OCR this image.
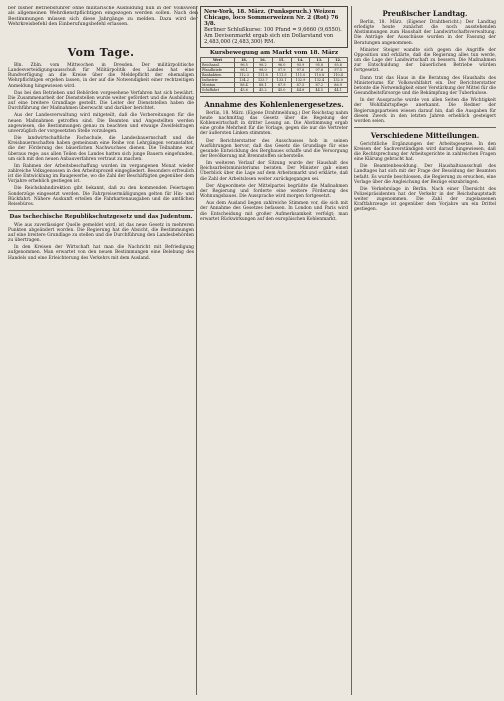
ber bisher Betriebsführer ohne militärische Ausbildung nun in der Volkswehr als allgemeinen Wehrdienstpflichtigen eingezogen werden sollen. Nach den Bestimmungen müssen sich diese Jahrgänge zu melden. Dazu wird der Wehrkreisbefehl den Einberufungsbefehl erlassen.
Vom Tage.

Bln. Zbln. vom Mittwochen in Dresden. Der militärpolitische Landesverteidigungsausschuß für Militärpolitik des Landes hat eine Rundverfügung an die Kreise über die Meldepflicht der ehemaligen Wehrpflichtigen ergehen lassen, in der auf die Notwendigkeit einer rechtzeitigen Anmeldung hingewiesen wird.

Das bei den Betrieben und Behörden vorgesehene Verfahren hat sich bewährt. Die Zusammenarbeit der Dienststellen wurde weiter gefördert und die Ausbildung auf eine breitere Grundlage gestellt. Die Leiter der Dienststellen haben die Durchführung der Maßnahmen überwacht und darüber berichtet.

Aus der Landesverwaltung wird mitgeteilt, daß die Vorbereitungen für die neuen Maßnahmen getroffen sind. Die Beamten und Angestellten werden angewiesen, die Bestimmungen genau zu beachten und etwaige Zweifelsfragen unverzüglich der vorgesetzten Stelle vorzulegen.

Die landwirtschaftliche Fachschule, die Landesbauernschaft und die Kreisbauernschaften haben gemeinsam eine Reihe von Lehrgängen veranstaltet, die der Förderung des bäuerlichen Nachwuchses dienen. Die Teilnahme war überaus rege; aus allen Teilen des Landes hatten sich junge Bauern eingefunden, um sich mit den neuen Anbauverfahren vertraut zu machen.

Im Rahmen der Arbeitsbeschaffung wurden im vergangenen Monat wieder zahlreiche Volksgenossen in den Arbeitsprozeß eingegliedert. Besonders erfreulich ist die Entwicklung im Baugewerbe, wo die Zahl der Beschäftigten gegenüber dem Vorjahre erheblich gestiegen ist.

Die Reichsbahndirektion gibt bekannt, daß zu den kommenden Feiertagen Sonderzüge eingesetzt werden. Die Fahrpreisermäßigungen gelten für Hin- und Rückfahrt. Nähere Auskunft erteilen die Fahrkartenausgaben und die amtlichen Reisebüros.

Das tschechische Republikschutzgesetz und das Judentum.

Wie aus zuverlässiger Quelle gemeldet wird, ist das neue Gesetz in mehreren Punkten abgeändert worden. Die Regierung hat die Absicht, die Bestimmungen auf eine breitere Grundlage zu stellen und die Durchführung den Landesbehörden zu übertragen.

In den Kreisen der Wirtschaft hat man die Nachricht mit Befriedigung aufgenommen. Man erwartet von den neuen Bestimmungen eine Belebung des Handels und eine Erleichterung des Verkehrs mit dem Ausland.

New-York, 18. März. (Funkspruch.) Weizen Chicago, loco Sommerweizen Nr. 2 (Rot) 76 3/8.
Berliner Schlußkurse: 100 Pfund = 9,6660 (9,6550). Am Devisenmarkt ergab sich ein Dollarstand von 2,483,000 (2,483,300) RM.
Kursbewegung am Markt vom 18. März
Wert	18.	16.	15.	14.	13.	12.
Reichsanl.	96.5	96.2	96.0	95.9	95.8	95.6
Pfandbriefe	98.1	98.0	97.9	97.8	97.6	97.5
Bankaktien	112.3	111.8	111.5	111.0	110.8	110.4
Industrie	134.2	133.7	133.1	132.9	132.4	132.0
Montan	88.4	88.1	87.9	87.5	87.2	86.9
Schiffahrt	45.6	45.2	45.0	44.8	44.5	44.1
Annahme des Kohlenlenergesetzes.

Berlin, 18. März. (Eigene Drahtmeldung.) Der Reichstag nahm heute nachmittag das Gesetz über die Regelung der Kohlenwirtschaft in dritter Lesung an. Die Abstimmung ergab eine große Mehrheit für die Vorlage, gegen die nur die Vertreter der äußersten Linken stimmten.

Der Berichterstatter des Ausschusses hob in seinen Ausführungen hervor, daß das Gesetz die Grundlage für eine gesunde Entwicklung des Bergbaues schaffe und die Versorgung der Bevölkerung mit Brennstoffen sicherstelle.

Im weiteren Verlauf der Sitzung wurde der Haushalt des Reichsarbeitsministeriums beraten. Der Minister gab einen Überblick über die Lage auf dem Arbeitsmarkt und erklärte, daß die Zahl der Arbeitslosen weiter zurückgegangen sei.

Der Abgeordnete der Mittelpartei begrüßte die Maßnahmen der Regierung und forderte eine weitere Förderung des Wohnungsbaues. Die Aussprache wird morgen fortgesetzt.

Aus dem Ausland liegen zahlreiche Stimmen vor, die sich mit der Annahme des Gesetzes befassen. In London und Paris wird die Entscheidung mit großer Aufmerksamkeit verfolgt; man erwartet Rückwirkungen auf den europäischen Kohlenmarkt.

Preußischer Landtag.

Berlin, 18. März. (Eigener Drahtbericht.) Der Landtag erledigte heute zunächst die noch ausstehenden Abstimmungen zum Haushalt der Landwirtschaftsverwaltung. Die Anträge der Ausschüsse wurden in der Fassung der Beratungen angenommen.

Minister Steiger wandte sich gegen die Angriffe der Opposition und erklärte, daß die Regierung alles tun werde, um die Lage der Landwirtschaft zu bessern. Die Maßnahmen zur Entschuldung der bäuerlichen Betriebe würden fortgesetzt.

Dann trat das Haus in die Beratung des Haushalts des Ministeriums für Volkswohlfahrt ein. Der Berichterstatter betonte die Notwendigkeit einer Verstärkung der Mittel für die Gesundheitsfürsorge und die Bekämpfung der Tuberkulose.

In der Aussprache wurde von allen Seiten die Wichtigkeit der Wohlfahrtspflege anerkannt. Die Redner der Regierungsparteien wiesen darauf hin, daß die Ausgaben für diesen Zweck in den letzten Jahren erheblich gesteigert worden seien.

Verschiedene Mitteilungen.

Gerichtliche Ergänzungen der Arbeitsgesetze. In den Kreisen der Sachverständigen wird darauf hingewiesen, daß die Rechtsprechung der Arbeitsgerichte in zahlreichen Fragen eine Klärung gebracht hat.

Die Beamtenbesoldung. Der Haushaltsausschuß des Landtages hat sich mit der Frage der Besoldung der Beamten befaßt. Es wurde beschlossen, die Regierung zu ersuchen, eine Vorlage über die Angleichung der Bezüge einzubringen.

Die Verkehrslage in Berlin. Nach einer Übersicht des Polizeipräsidenten hat der Verkehr in der Reichshauptstadt weiter zugenommen. Die Zahl der zugelassenen Kraftfahrzeuge ist gegenüber dem Vorjahre um ein Drittel gestiegen.
